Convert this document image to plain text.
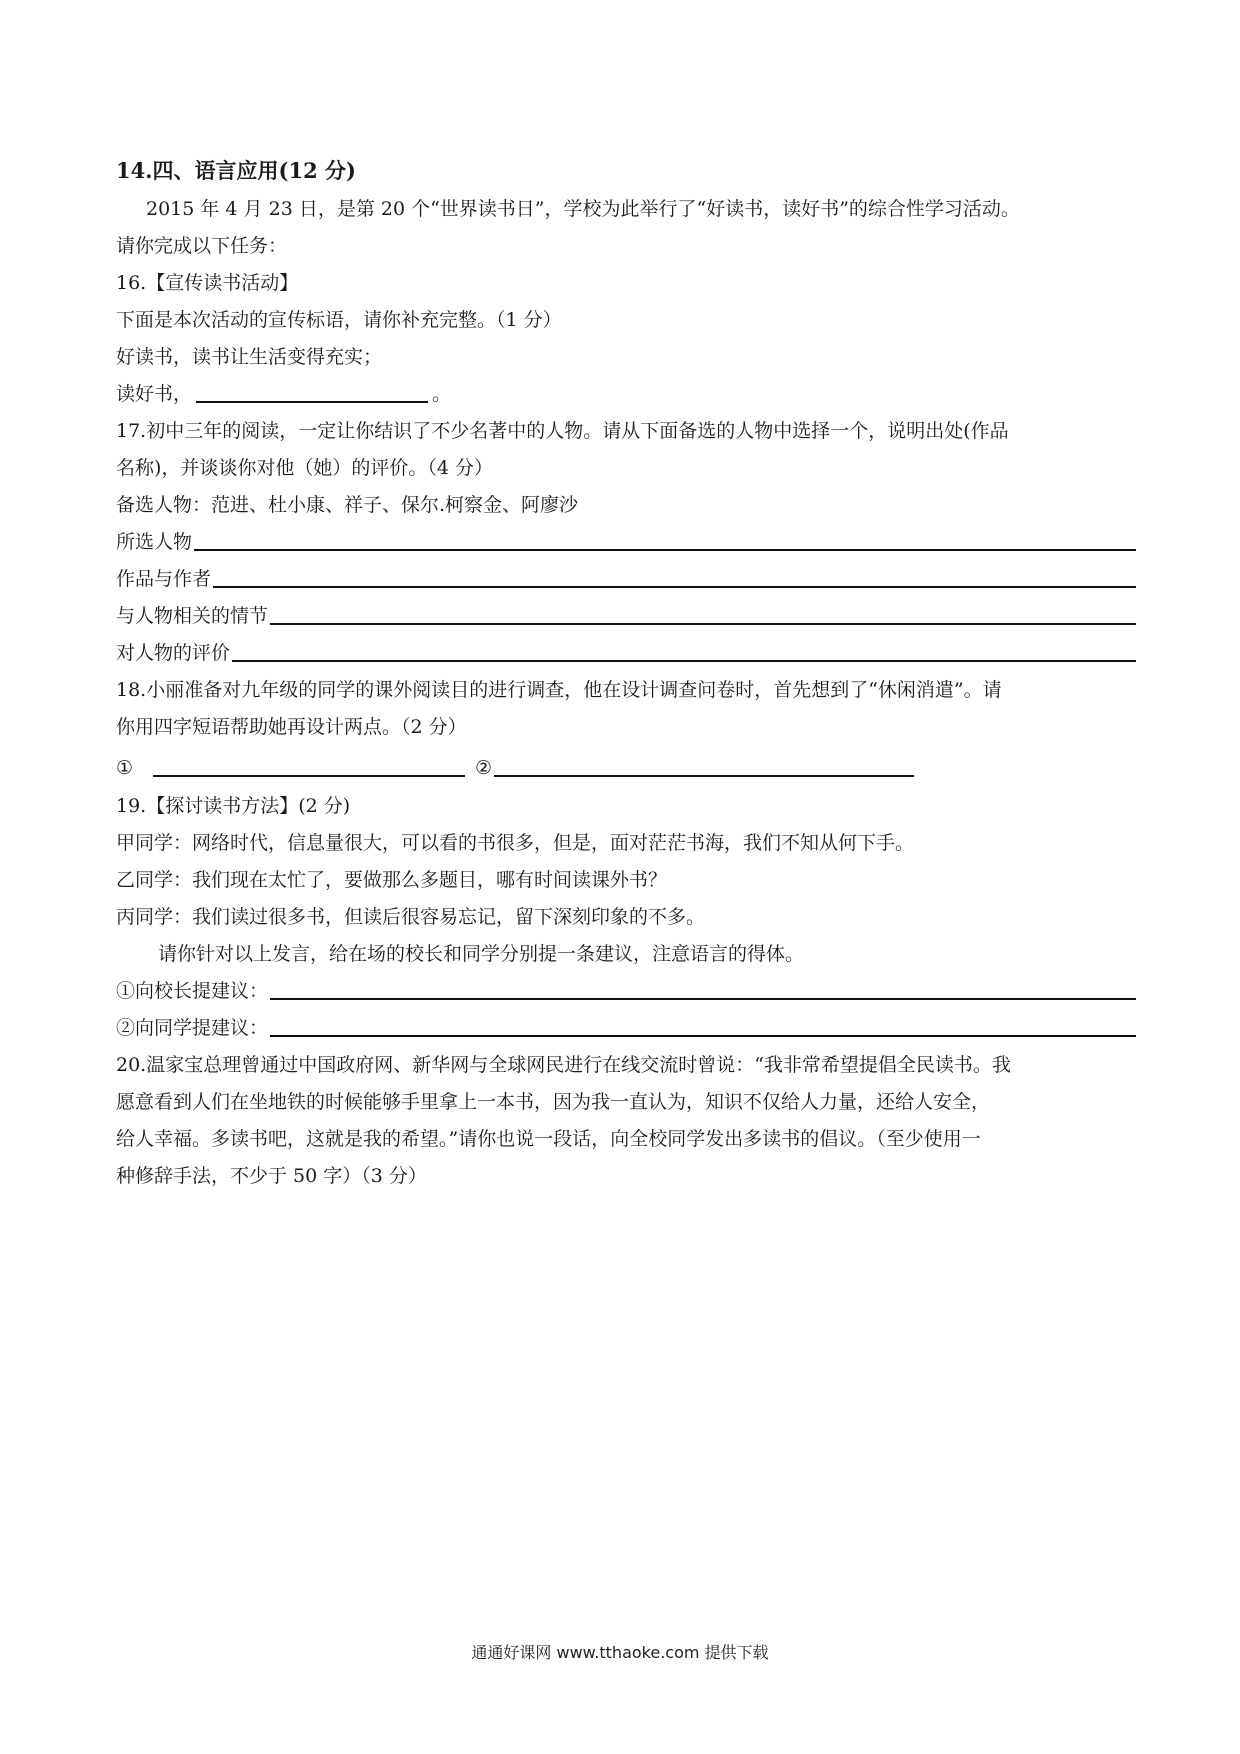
14.四、语言应用(12 分)
2015 年 4 月 23 日，是第 20 个“世界读书日”，学校为此举行了“好读书，读好书”的综合性学习活动。
请你完成以下任务：
16.【宣传读书活动】
下面是本次活动的宣传标语，请你补充完整。（1 分）
好读书，读书让生活变得充实；
读好书，	。
17.初中三年的阅读，一定让你结识了不少名著中的人物。请从下面备选的人物中选择一个，说明出处(作品
名称)，并谈谈你对他（她）的评价。（4 分）
备选人物：范进、杜小康、祥子、保尔.柯察金、阿廖沙
所选人物
作品与作者
与人物相关的情节
对人物的评价
18.小丽准备对九年级的同学的课外阅读目的进行调查，他在设计调查问卷时，首先想到了“休闲消遣”。请
你用四字短语帮助她再设计两点。（2 分）
①	②
19.【探讨读书方法】(2 分)
甲同学：网络时代，信息量很大，可以看的书很多，但是，面对茫茫书海，我们不知从何下手。
乙同学：我们现在太忙了，要做那么多题目，哪有时间读课外书？
丙同学：我们读过很多书，但读后很容易忘记，留下深刻印象的不多。
请你针对以上发言，给在场的校长和同学分别提一条建议，注意语言的得体。
①向校长提建议：
②向同学提建议：
20.温家宝总理曾通过中国政府网、新华网与全球网民进行在线交流时曾说：“我非常希望提倡全民读书。我
愿意看到人们在坐地铁的时候能够手里拿上一本书，因为我一直认为，知识不仅给人力量，还给人安全，
给人幸福。多读书吧，这就是我的希望。”请你也说一段话，向全校同学发出多读书的倡议。（至少使用一
种修辞手法，不少于 50 字）（3 分）
通通好课网 www.tthaoke.com 提供下载
